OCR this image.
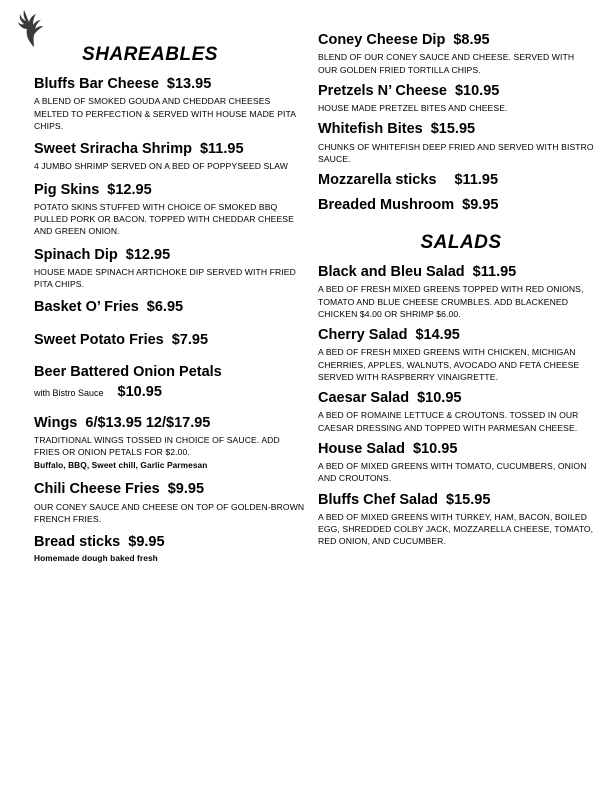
SHAREABLES
Bluffs Bar Cheese $13.95
A BLEND OF SMOKED GOUDA AND CHEDDAR CHEESES MELTED TO PERFECTION & SERVED WITH HOUSE MADE PITA CHIPS.
Sweet Sriracha Shrimp $11.95
4 JUMBO SHRIMP SERVED ON A BED OF POPPYSEED SLAW
Pig Skins $12.95
POTATO SKINS STUFFED WITH CHOICE OF SMOKED BBQ PULLED PORK OR BACON. TOPPED WITH CHEDDAR CHEESE AND GREEN ONION.
Spinach Dip $12.95
HOUSE MADE SPINACH ARTICHOKE DIP SERVED WITH FRIED PITA CHIPS.
Basket O’ Fries $6.95
Sweet Potato Fries $7.95
Beer Battered Onion Petals
with Bistro Sauce $10.95
Wings 6/$13.95 12/$17.95
TRADITIONAL WINGS TOSSED IN CHOICE OF SAUCE. ADD FRIES OR ONION PETALS FOR $2.00.
Buffalo, BBQ, Sweet chill, Garlic Parmesan
Chili Cheese Fries $9.95
OUR CONEY SAUCE AND CHEESE ON TOP OF GOLDEN-BROWN FRENCH FRIES.
Bread sticks $9.95
Homemade dough baked fresh
Coney Cheese Dip $8.95
BLEND OF OUR CONEY SAUCE AND CHEESE. SERVED WITH OUR GOLDEN FRIED TORTILLA CHIPS.
Pretzels N’ Cheese $10.95
HOUSE MADE PRETZEL BITES AND CHEESE.
Whitefish Bites $15.95
CHUNKS OF WHITEFISH DEEP FRIED AND SERVED WITH BISTRO SAUCE.
Mozzarella sticks $11.95
Breaded Mushroom $9.95
SALADS
Black and Bleu Salad $11.95
A BED OF FRESH MIXED GREENS TOPPED WITH RED ONIONS, TOMATO AND BLUE CHEESE CRUMBLES. ADD BLACKENED CHICKEN $4.00 OR SHRIMP $6.00.
Cherry Salad $14.95
A BED OF FRESH MIXED GREENS WITH CHICKEN, MICHIGAN CHERRIES, APPLES, WALNUTS, AVOCADO AND FETA CHEESE SERVED WITH RASPBERRY VINAIGRETTE.
Caesar Salad $10.95
A BED OF ROMAINE LETTUCE & CROUTONS. TOSSED IN OUR CAESAR DRESSING AND TOPPED WITH PARMESAN CHEESE.
House Salad $10.95
A BED OF MIXED GREENS WITH TOMATO, CUCUMBERS, ONION AND CROUTONS.
Bluffs Chef Salad $15.95
A BED OF MIXED GREENS WITH TURKEY, HAM, BACON, BOILED EGG, SHREDDED COLBY JACK, MOZZARELLA CHEESE, TOMATO, RED ONION, AND CUCUMBER.
